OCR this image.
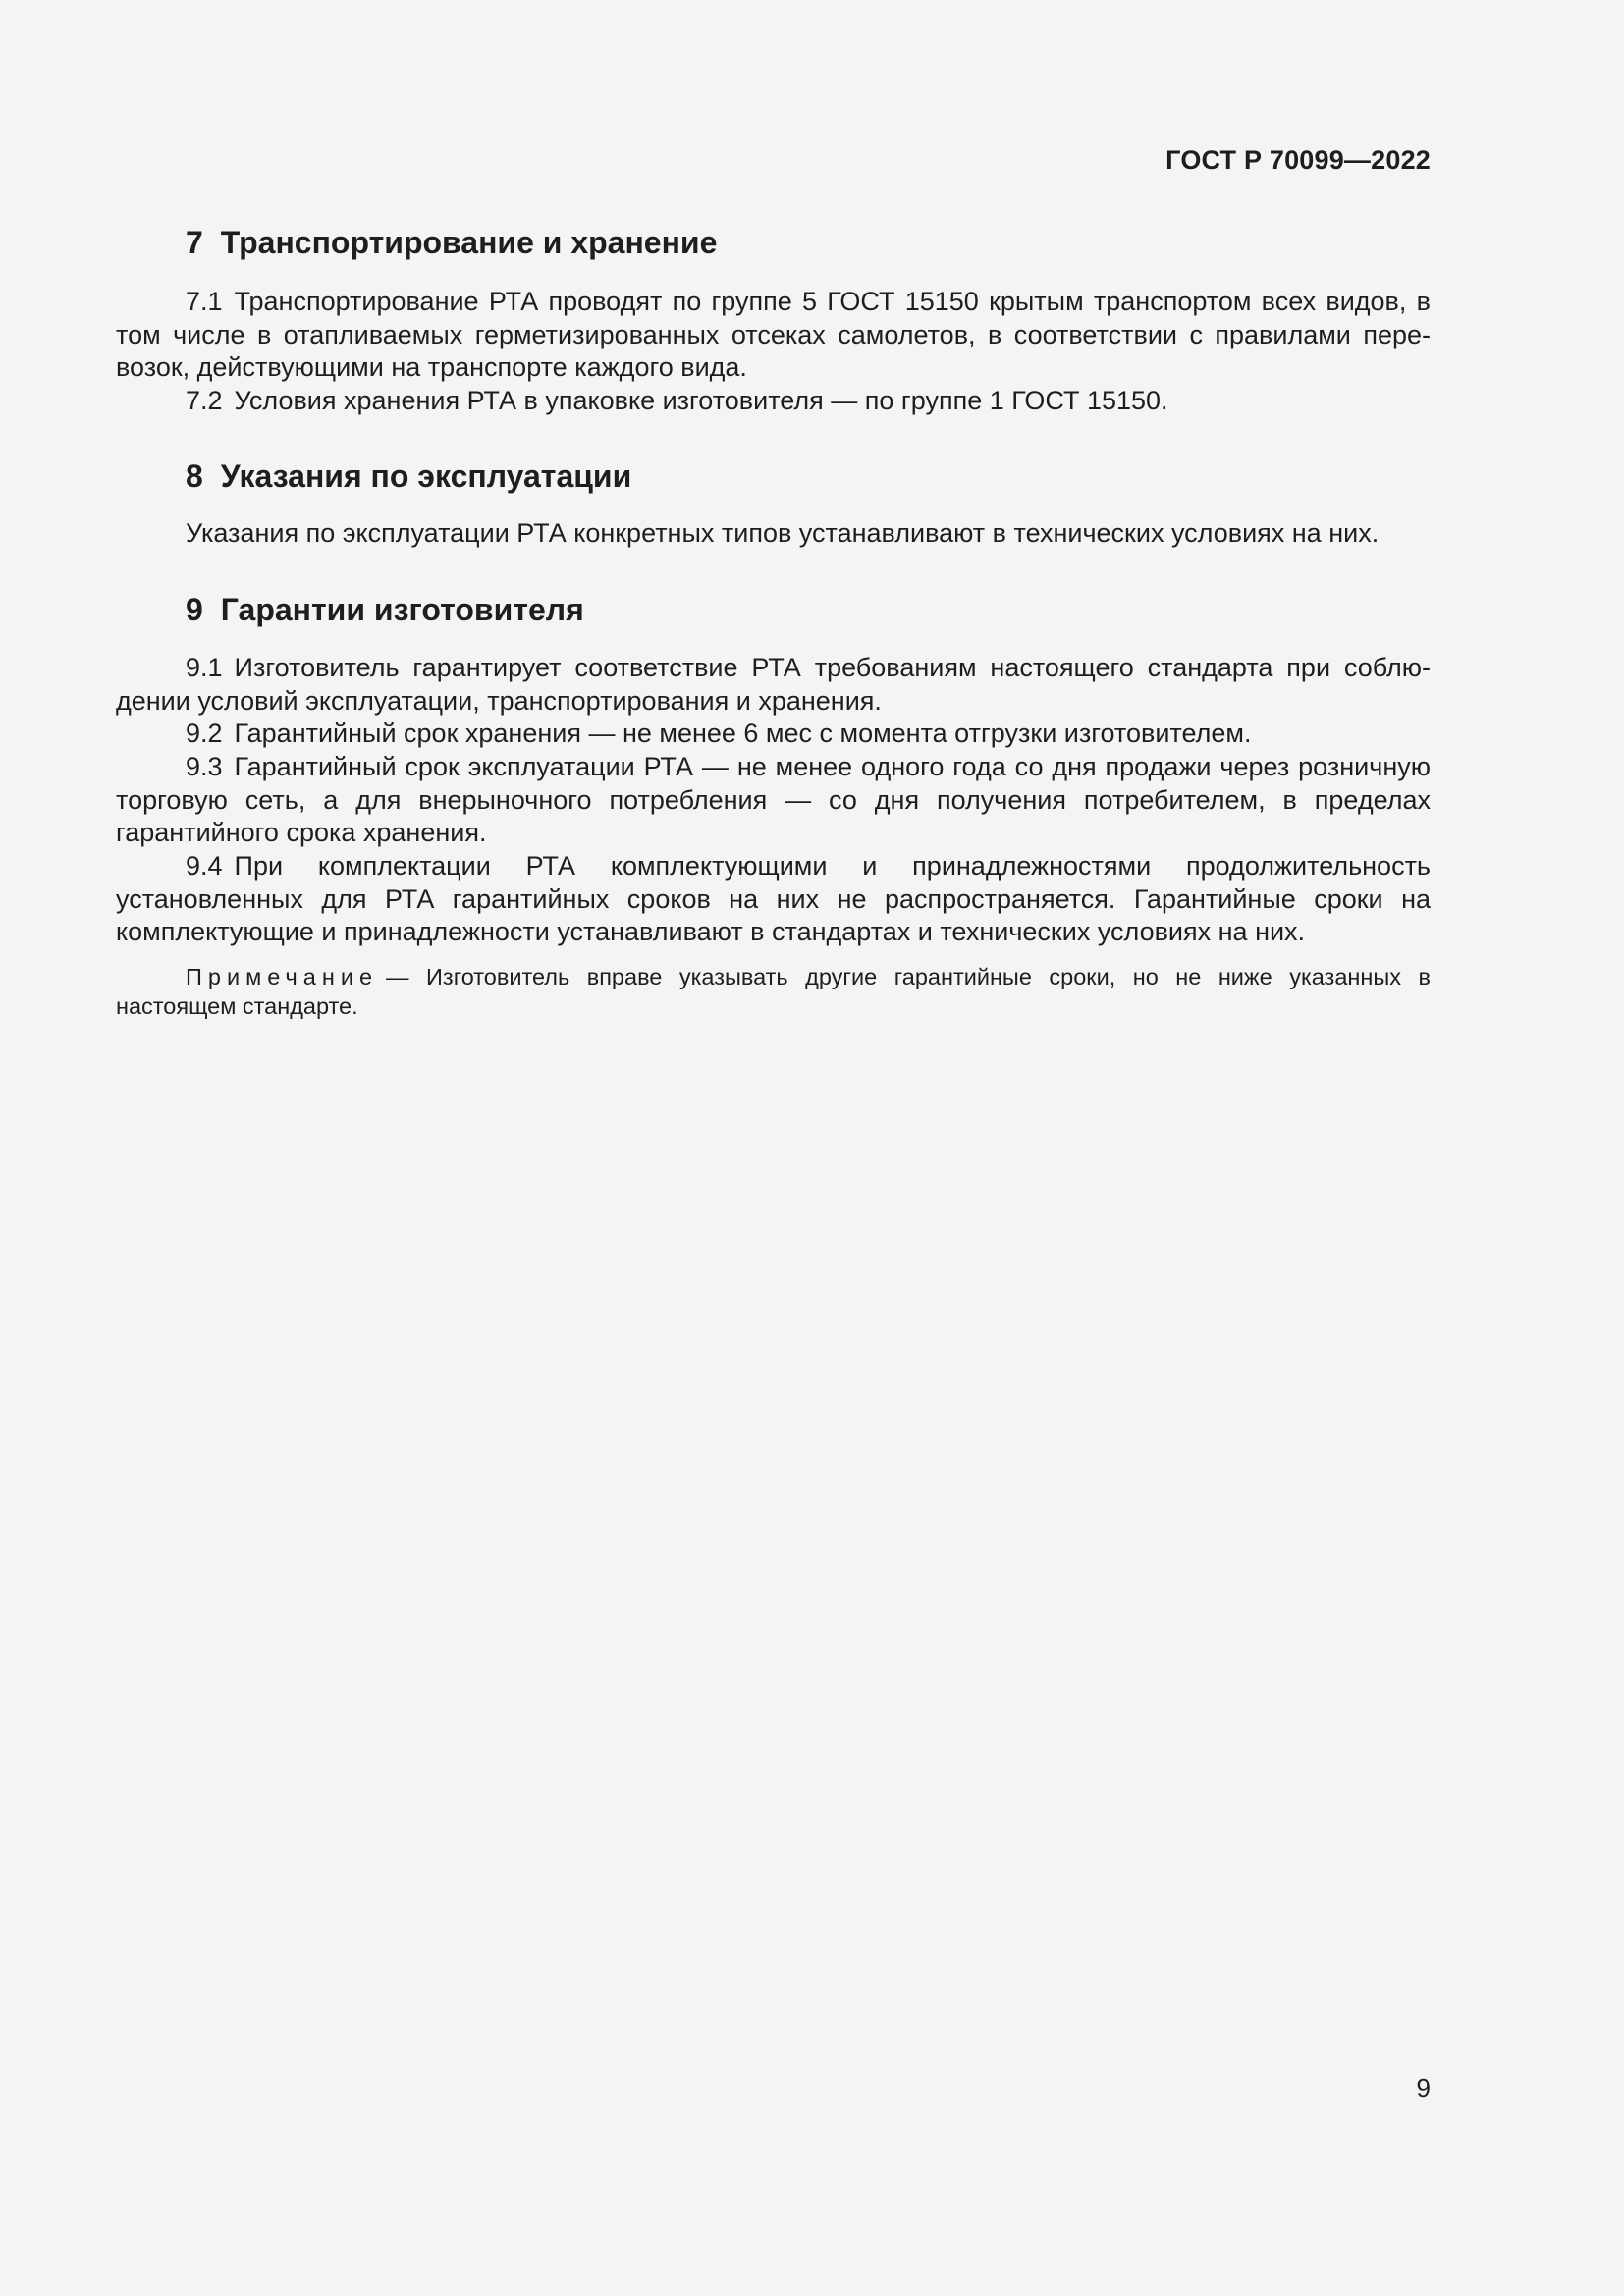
ГОСТ Р 70099—2022
7 Транспортирование и хранение

7.1 Транспортирование РТА проводят по группе 5 ГОСТ 15150 крытым транспортом всех видов, в том числе в отапливаемых герметизированных отсеках самолетов, в соответствии с правилами пере-возок, действующими на транспорте каждого вида.

7.2 Условия хранения РТА в упаковке изготовителя — по группе 1 ГОСТ 15150.

8 Указания по эксплуатации

Указания по эксплуатации РТА конкретных типов устанавливают в технических условиях на них.

9 Гарантии изготовителя

9.1 Изготовитель гарантирует соответствие РТА требованиям настоящего стандарта при соблю-дении условий эксплуатации, транспортирования и хранения.

9.2 Гарантийный срок хранения — не менее 6 мес с момента отгрузки изготовителем.

9.3 Гарантийный срок эксплуатации РТА — не менее одного года со дня продажи через розничную торговую сеть, а для внерыночного потребления — со дня получения потребителем, в пределах гарантийного срока хранения.

9.4 При комплектации РТА комплектующими и принадлежностями продолжительность установленных для РТА гарантийных сроков на них не распространяется. Гарантийные сроки на комплектующие и принадлежности устанавливают в стандартах и технических условиях на них.

Примечание — Изготовитель вправе указывать другие гарантийные сроки, но не ниже указанных в настоящем стандарте.

9
